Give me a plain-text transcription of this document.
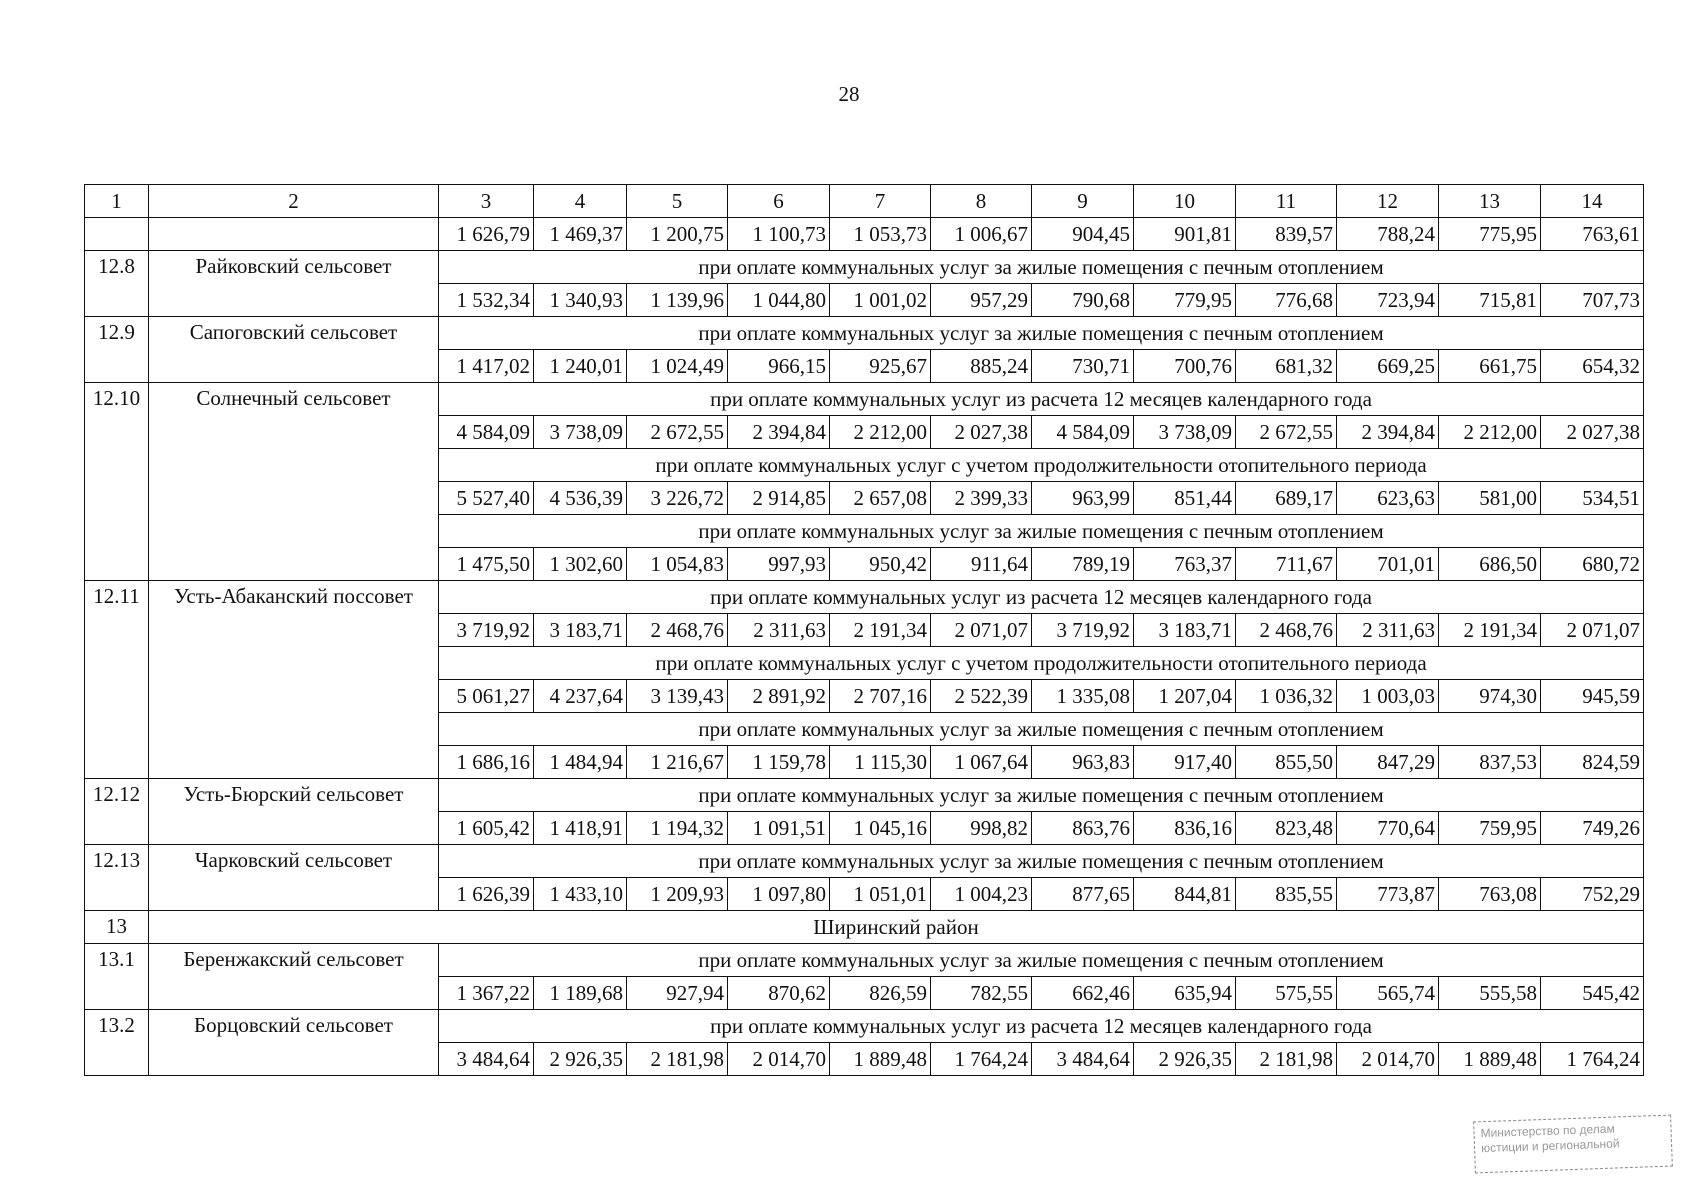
28
1	2	3	4	5	6	7	8	9	10	11	12	13	14
		1 626,79	1 469,37	1 200,75	1 100,73	1 053,73	1 006,67	904,45	901,81	839,57	788,24	775,95	763,61
12.8	Райковский сельсовет	при оплате коммунальных услуг за жилые помещения с печным отоплением											
		1 532,34	1 340,93	1 139,96	1 044,80	1 001,02	957,29	790,68	779,95	776,68	723,94	715,81	707,73
12.9	Сапоговский сельсовет	при оплате коммунальных услуг за жилые помещения с печным отоплением											
		1 417,02	1 240,01	1 024,49	966,15	925,67	885,24	730,71	700,76	681,32	669,25	661,75	654,32
12.10	Солнечный сельсовет	при оплате коммунальных услуг из расчета 12 месяцев календарного года											
		4 584,09	3 738,09	2 672,55	2 394,84	2 212,00	2 027,38	4 584,09	3 738,09	2 672,55	2 394,84	2 212,00	2 027,38
		при оплате коммунальных услуг с учетом продолжительности отопительного периода											
		5 527,40	4 536,39	3 226,72	2 914,85	2 657,08	2 399,33	963,99	851,44	689,17	623,63	581,00	534,51
		при оплате коммунальных услуг за жилые помещения с печным отоплением											
		1 475,50	1 302,60	1 054,83	997,93	950,42	911,64	789,19	763,37	711,67	701,01	686,50	680,72
12.11	Усть-Абаканский поссовет	при оплате коммунальных услуг из расчета 12 месяцев календарного года											
		3 719,92	3 183,71	2 468,76	2 311,63	2 191,34	2 071,07	3 719,92	3 183,71	2 468,76	2 311,63	2 191,34	2 071,07
		при оплате коммунальных услуг с учетом продолжительности отопительного периода											
		5 061,27	4 237,64	3 139,43	2 891,92	2 707,16	2 522,39	1 335,08	1 207,04	1 036,32	1 003,03	974,30	945,59
		при оплате коммунальных услуг за жилые помещения с печным отоплением											
		1 686,16	1 484,94	1 216,67	1 159,78	1 115,30	1 067,64	963,83	917,40	855,50	847,29	837,53	824,59
12.12	Усть-Бюрский сельсовет	при оплате коммунальных услуг за жилые помещения с печным отоплением											
		1 605,42	1 418,91	1 194,32	1 091,51	1 045,16	998,82	863,76	836,16	823,48	770,64	759,95	749,26
12.13	Чарковский сельсовет	при оплате коммунальных услуг за жилые помещения с печным отоплением											
		1 626,39	1 433,10	1 209,93	1 097,80	1 051,01	1 004,23	877,65	844,81	835,55	773,87	763,08	752,29
13	Ширинский район												
13.1	Беренжакский сельсовет	при оплате коммунальных услуг за жилые помещения с печным отоплением											
		1 367,22	1 189,68	927,94	870,62	826,59	782,55	662,46	635,94	575,55	565,74	555,58	545,42
13.2	Борцовский сельсовет	при оплате коммунальных услуг из расчета 12 месяцев календарного года											
		3 484,64	2 926,35	2 181,98	2 014,70	1 889,48	1 764,24	3 484,64	2 926,35	2 181,98	2 014,70	1 889,48	1 764,24
Министерство по делам
юстиции и региональной
